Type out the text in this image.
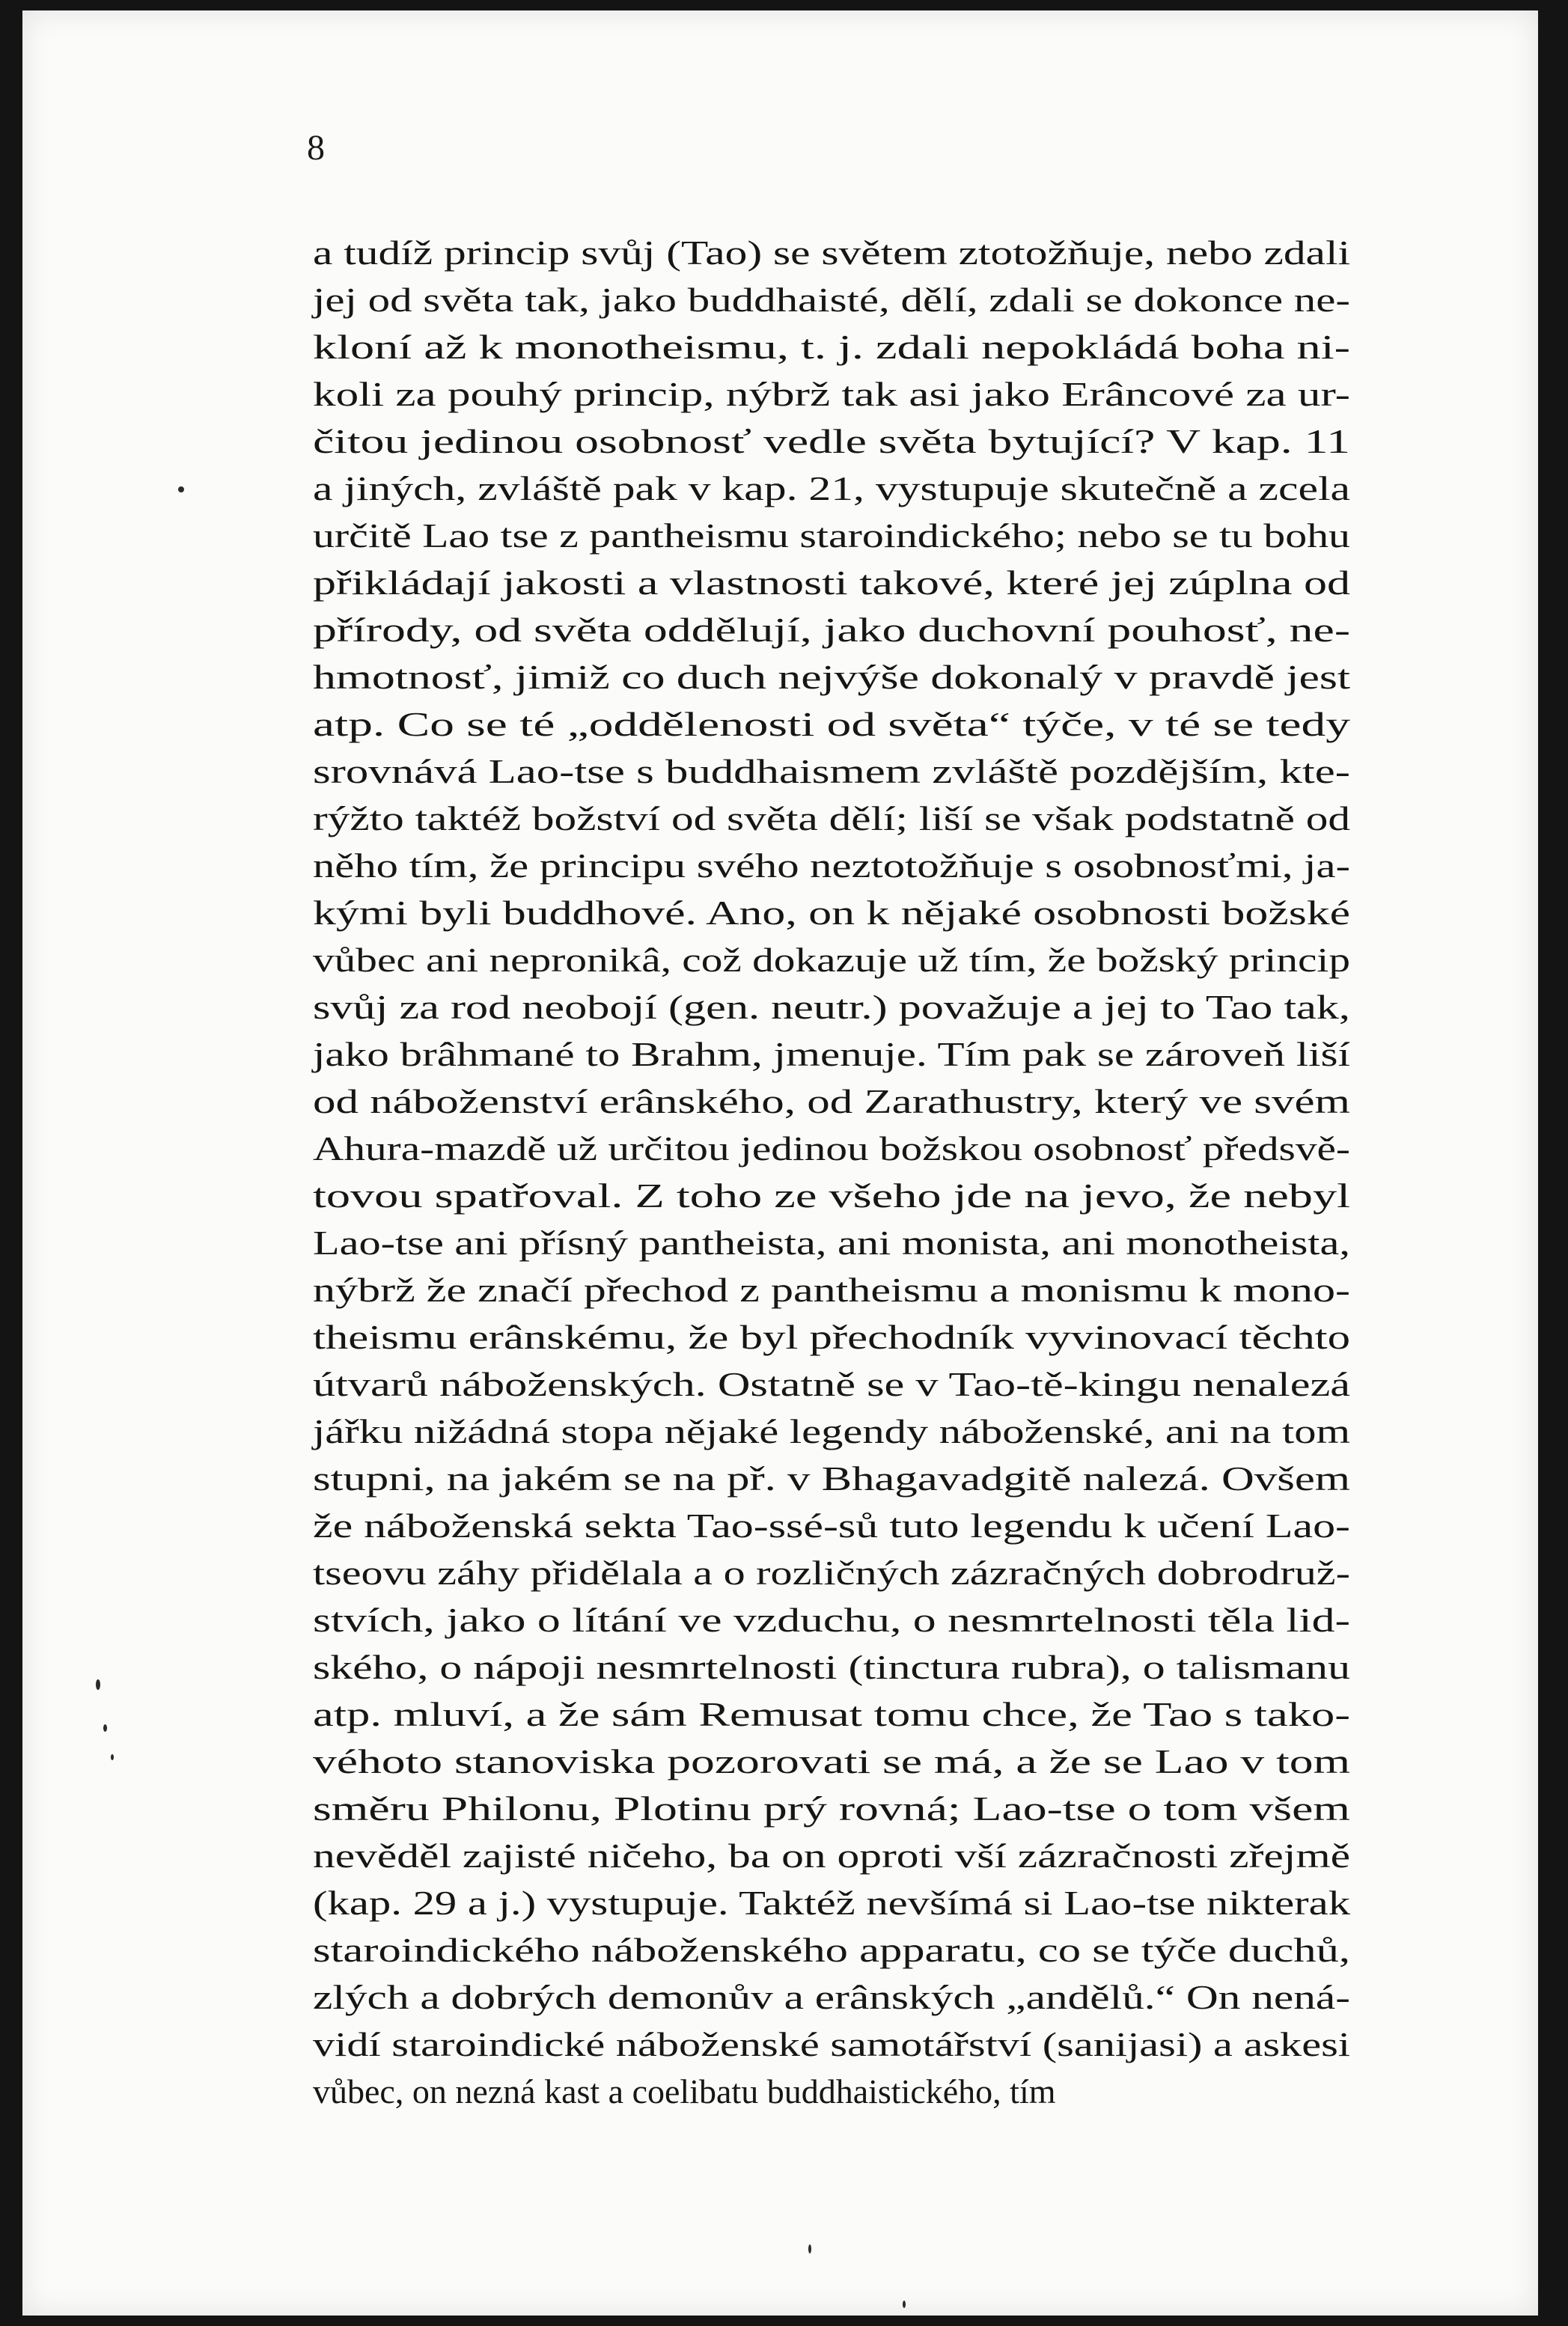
8
a tudíž princip svůj (Tao) se světem ztotožňuje, nebo zdali
jej od světa tak, jako buddhaisté, dělí, zdali se dokonce ne-
kloní až k monotheismu, t. j. zdali nepokládá boha ni-
koli za pouhý princip, nýbrž tak asi jako Erâncové za ur-
čitou jedinou osobnosť vedle světa bytující? V kap. 11
a jiných, zvláště pak v kap. 21, vystupuje skutečně a zcela
určitě Lao tse z pantheismu staroindického; nebo se tu bohu
přikládají jakosti a vlastnosti takové, které jej zúplna od
přírody, od světa oddělují, jako duchovní pouhosť, ne-
hmotnosť, jimiž co duch nejvýše dokonalý v pravdě jest
atp. Co se té „oddělenosti od světa“ týče, v té se tedy
srovnává Lao-tse s buddhaismem zvláště pozdějším, kte-
rýžto taktéž božství od světa dělí; liší se však podstatně od
něho tím, že principu svého neztotožňuje s osobnosťmi, ja-
kými byli buddhové. Ano, on k nějaké osobnosti božské
vůbec ani nepronikâ, což dokazuje už tím, že božský princip
svůj za rod neobojí (gen. neutr.) považuje a jej to Tao tak,
jako brâhmané to Brahm, jmenuje. Tím pak se zároveň liší
od náboženství erânského, od Zarathustry, který ve svém
Ahura-mazdě už určitou jedinou božskou osobnosť předsvě-
tovou spatřoval. Z toho ze všeho jde na jevo, že nebyl
Lao-tse ani přísný pantheista, ani monista, ani monotheista,
nýbrž že značí přechod z pantheismu a monismu k mono-
theismu erânskému, že byl přechodník vyvinovací těchto
útvarů náboženských. Ostatně se v Tao-tě-kingu nenalezá
jářku nižádná stopa nějaké legendy náboženské, ani na tom
stupni, na jakém se na př. v Bhagavadgitě nalezá. Ovšem
že náboženská sekta Tao-ssé-sů tuto legendu k učení Lao-
tseovu záhy přidělala a o rozličných zázračných dobrodruž-
stvích, jako o lítání ve vzduchu, o nesmrtelnosti těla lid-
ského, o nápoji nesmrtelnosti (tinctura rubra), o talismanu
atp. mluví, a že sám Remusat tomu chce, že Tao s tako-
véhoto stanoviska pozorovati se má, a že se Lao v tom
směru Philonu, Plotinu prý rovná; Lao-tse o tom všem
nevěděl zajisté ničeho, ba on oproti vší zázračnosti zřejmě
(kap. 29 a j.) vystupuje. Taktéž nevšímá si Lao-tse nikterak
staroindického náboženského apparatu, co se týče duchů,
zlých a dobrých demonův a erânských „andělů.“ On nená-
vidí staroindické náboženské samotářství (sanijasi) a askesi
vůbec, on nezná kast a coelibatu buddhaistického, tím
